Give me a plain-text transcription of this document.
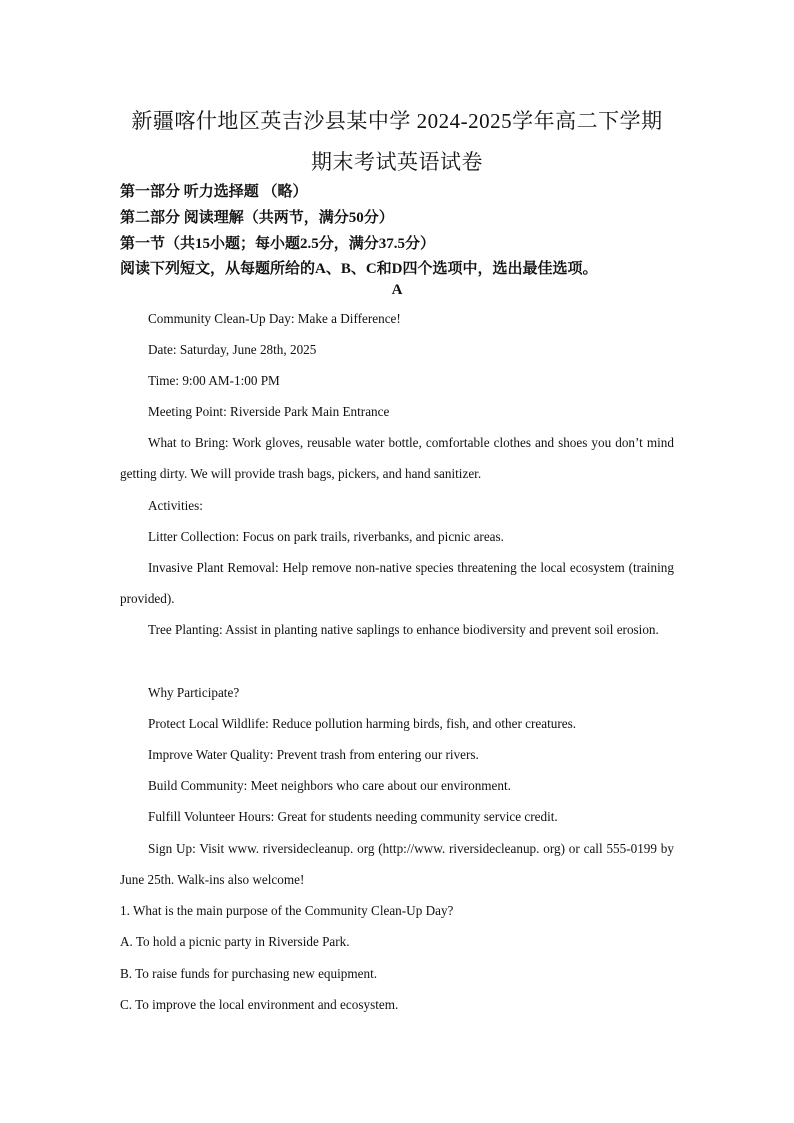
新疆喀什地区英吉沙县某中学 2024-2025学年高二下学期
期末考试英语试卷
第一部分 听力选择题 （略）
第二部分 阅读理解（共两节，满分50分）
第一节（共15小题；每小题2.5分，满分37.5分）
阅读下列短文，从每题所给的A、B、C和D四个选项中，选出最佳选项。
A
Community Clean-Up Day: Make a Difference!
Date: Saturday, June 28th, 2025
Time: 9:00 AM-1:00 PM
Meeting Point: Riverside Park Main Entrance
What to Bring: Work gloves, reusable water bottle, comfortable clothes and shoes you don’t mind getting dirty. We will provide trash bags, pickers, and hand sanitizer.
Activities:
Litter Collection: Focus on park trails, riverbanks, and picnic areas.
Invasive Plant Removal: Help remove non-native species threatening the local ecosystem (training provided).
Tree Planting: Assist in planting native saplings to enhance biodiversity and prevent soil erosion.
Why Participate?
Protect Local Wildlife: Reduce pollution harming birds, fish, and other creatures.
Improve Water Quality: Prevent trash from entering our rivers.
Build Community: Meet neighbors who care about our environment.
Fulfill Volunteer Hours: Great for students needing community service credit.
Sign Up: Visit www. riversidecleanup. org (http://www. riversidecleanup. org) or call 555-0199 by June 25th. Walk-ins also welcome!
1. What is the main purpose of the Community Clean-Up Day?
A. To hold a picnic party in Riverside Park.
B. To raise funds for purchasing new equipment.
C. To improve the local environment and ecosystem.
